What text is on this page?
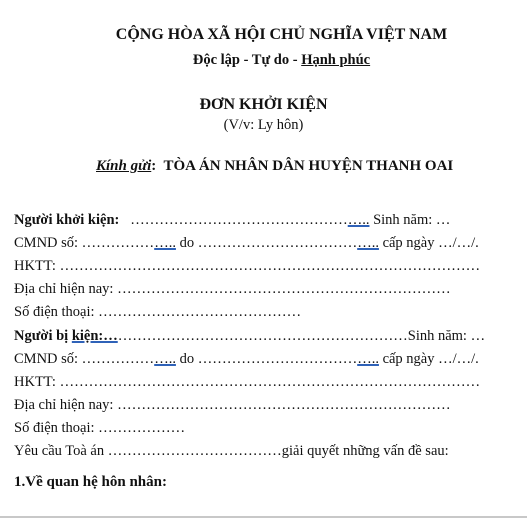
CỘNG HÒA XÃ HỘI CHỦ NGHĨA VIỆT NAM
Độc lập - Tự do - Hạnh phúc
ĐƠN KHỞI KIỆN
(V/v: Ly hôn)
Kính gửi:  TÒA ÁN NHÂN DÂN HUYỆN THANH OAI
Người khởi kiện:   ………………………………………….. Sinh năm: …
CMND số: ……………….. do ……………………………….. cấp ngày …/…/.
HKTT: ……………………………………………………………………………
Địa chỉ hiện nay: ……………………………………………………………
Số điện thoại: ……………………………………
Người bị kiện:………………………………………………………Sinh năm: …
CMND số: ……………….. do ……………………………….. cấp ngày …/…/.
HKTT: ……………………………………………………………………………
Địa chỉ hiện nay: ……………………………………………………………
Số điện thoại: ………………
Yêu cầu Toà án ………………………………giải quyết những vấn đề sau:
1.Về quan hệ hôn nhân:
